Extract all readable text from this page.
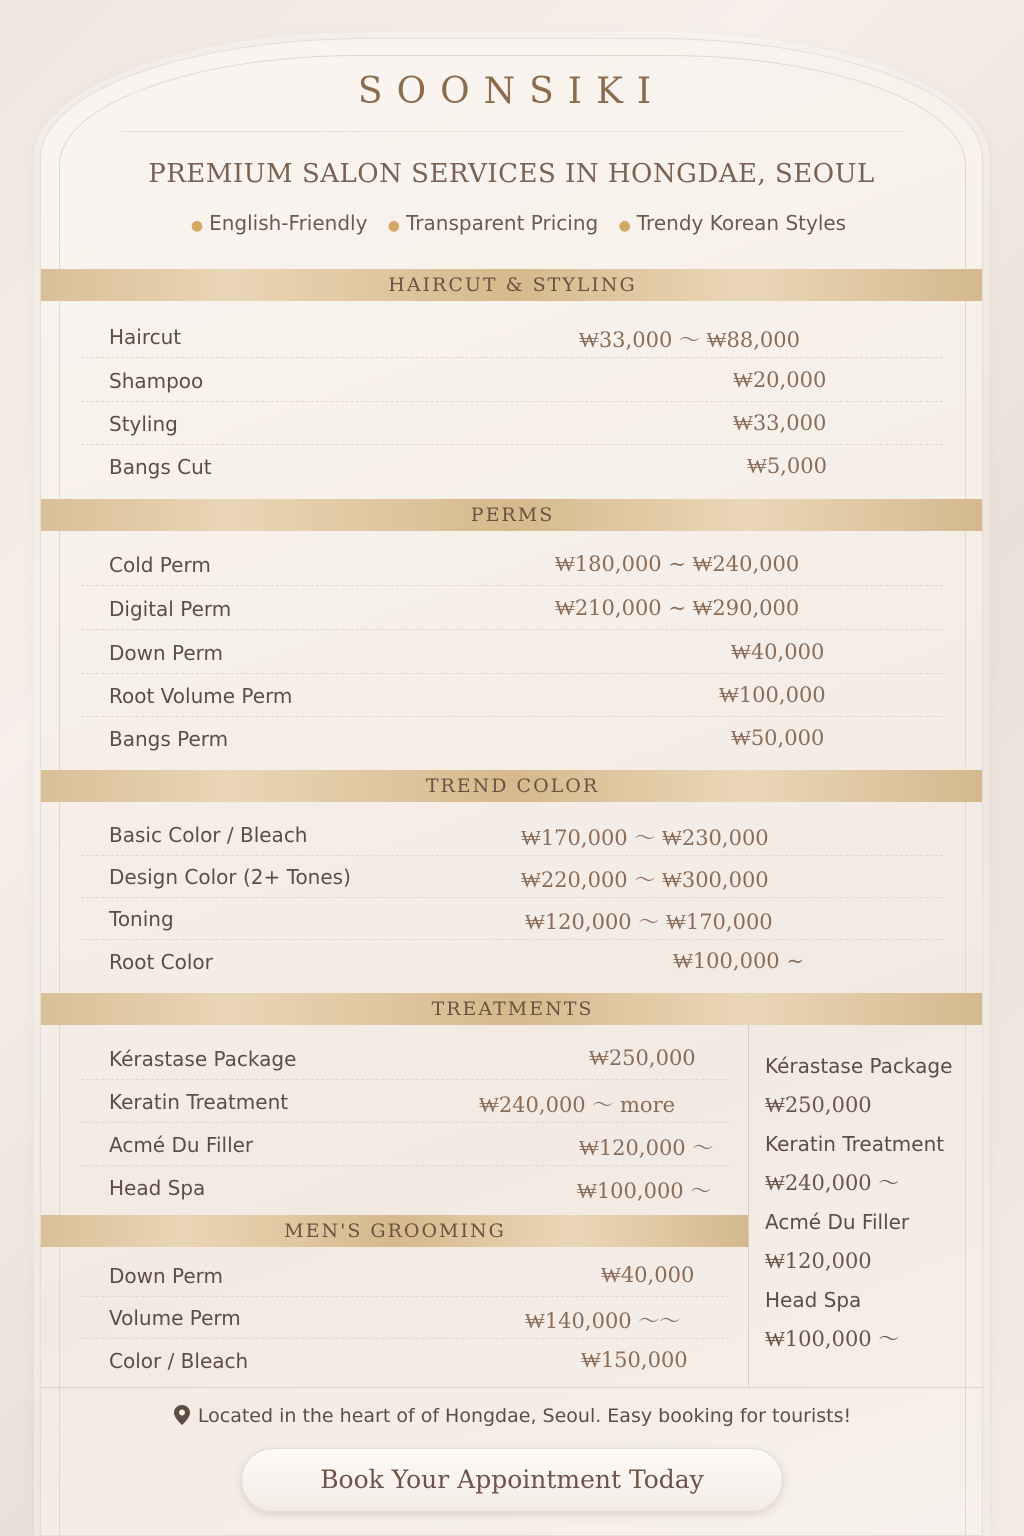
SOONSIKI
PREMIUM SALON SERVICES IN HONGDAE, SEOUL
● English-Friendly ● Transparent Pricing ● Trendy Korean Styles
HAIRCUT & STYLING
Haircut	₩33,000 ～ ₩88,000
Shampoo	₩20,000
Styling	₩33,000
Bangs Cut	₩5,000
PERMS
Cold Perm	₩180,000 ~ ₩240,000
Digital Perm	₩210,000 ~ ₩290,000
Down Perm	₩40,000
Root Volume Perm	₩100,000
Bangs Perm	₩50,000
TREND COLOR
Basic Color / Bleach	₩170,000 ～ ₩230,000
Design Color (2+ Tones)	₩220,000 ～ ₩300,000
Toning	₩120,000 ～ ₩170,000
Root Color	₩100,000 ~
TREATMENTS
Kérastase Package	₩250,000
Keratin Treatment	₩240,000 ～ more
Acmé Du Filler	₩120,000 ～
Head Spa	₩100,000 ～
MEN'S GROOMING
Down Perm	₩40,000
Volume Perm	₩140,000 ～～
Color / Bleach	₩150,000
Kérastase Package
₩250,000
Keratin Treatment
₩240,000 ～
Acmé Du Filler
₩120,000
Head Spa
₩100,000 ～
Located in the heart of of Hongdae, Seoul. Easy booking for tourists!
Book Your Appointment Today
